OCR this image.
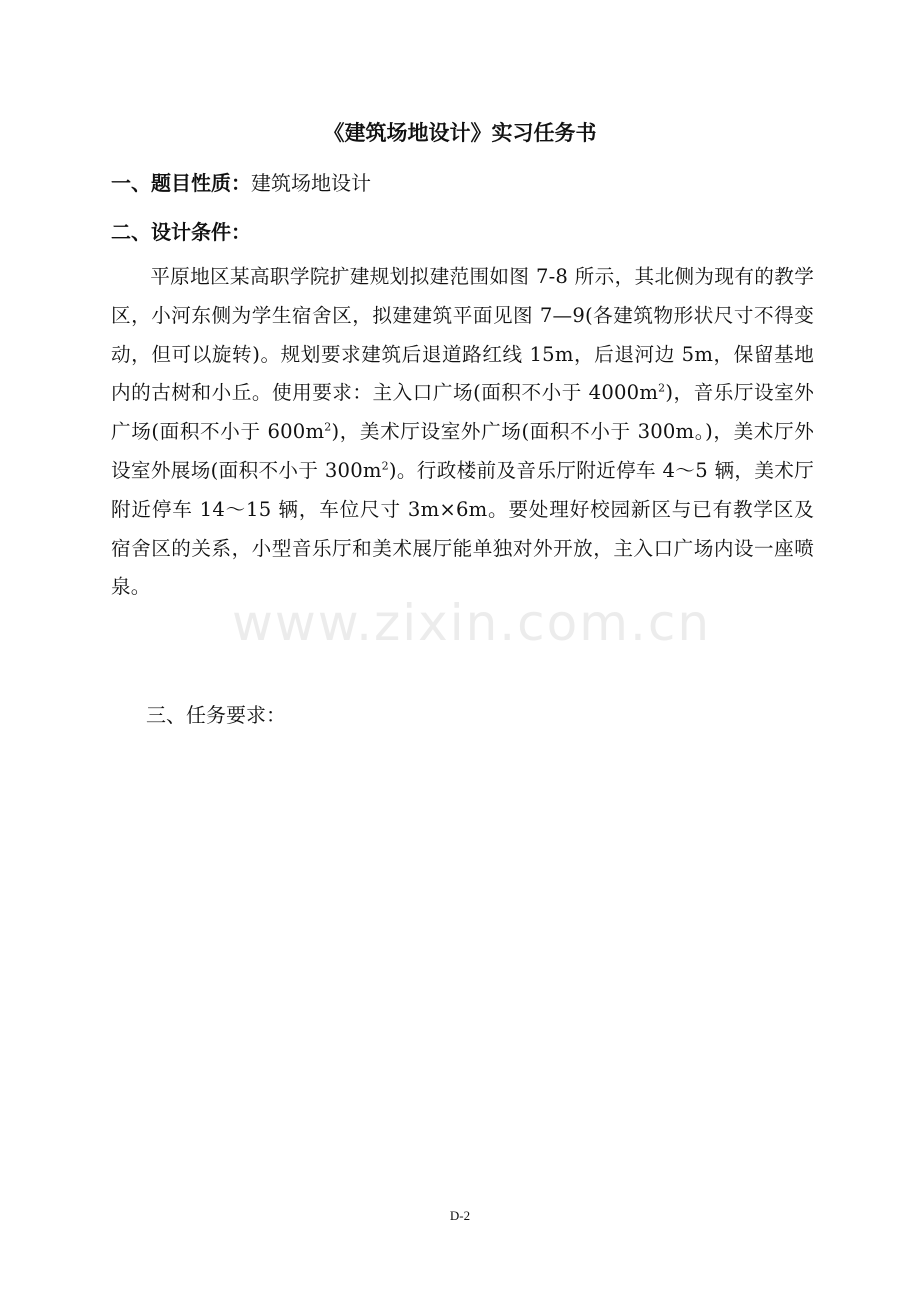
《建筑场地设计》实习任务书
一、题目性质：建筑场地设计
二、设计条件：
平原地区某高职学院扩建规划拟建范围如图 7-8 所示，其北侧为现有的教学区，小河东侧为学生宿舍区，拟建建筑平面见图 7—9(各建筑物形状尺寸不得变动，但可以旋转)。规划要求建筑后退道路红线 15m，后退河边 5m，保留基地内的古树和小丘。使用要求：主入口广场(面积不小于 $4000m^2$)，音乐厅设室外广场(面积不小于 $600m^2$)，美术厅设室外广场(面积不小于 300m。)，美术厅外设室外展场(面积不小于 $300m^2$)。行政楼前及音乐厅附近停车 4～5 辆，美术厅附近停车 14～15 辆，车位尺寸 3m×6m。要处理好校园新区与已有教学区及宿舍区的关系，小型音乐厅和美术展厅能单独对外开放，主入口广场内设一座喷泉。
www.zixin.com.cn
三、任务要求：
D-2
